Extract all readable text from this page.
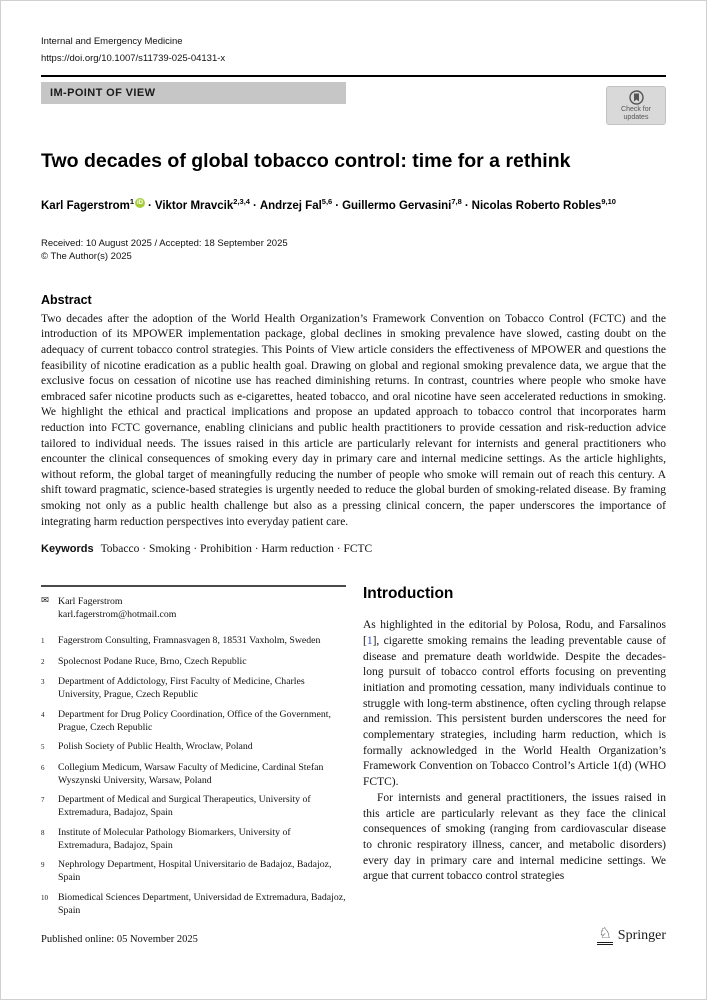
Internal and Emergency Medicine
https://doi.org/10.1007/s11739-025-04131-x
IM-POINT OF VIEW
Check for
updates
Two decades of global tobacco control: time for a rethink
Karl Fagerstrom$^1$ iD · Viktor Mravcik$^{2,3,4}$ · Andrzej Fal$^{5,6}$ · Guillermo Gervasini$^{7,8}$ · Nicolas Roberto Robles$^{9,10}$
Received: 10 August 2025 / Accepted: 18 September 2025
© The Author(s) 2025
Abstract

Two decades after the adoption of the World Health Organization’s Framework Convention on Tobacco Control (FCTC) and the introduction of its MPOWER implementation package, global declines in smoking prevalence have slowed, casting doubt on the adequacy of current tobacco control strategies. This Points of View article considers the effectiveness of MPOWER and questions the feasibility of nicotine eradication as a public health goal. Drawing on global and regional smoking prevalence data, we argue that the exclusive focus on cessation of nicotine use has reached diminishing returns. In contrast, countries where people who smoke have embraced safer nicotine products such as e-cigarettes, heated tobacco, and oral nicotine have seen accelerated reductions in smoking. We highlight the ethical and practical implications and propose an updated approach to tobacco control that incorporates harm reduction into FCTC governance, enabling clinicians and public health practitioners to provide cessation and risk-reduction advice tailored to individual needs. The issues raised in this article are particularly relevant for internists and general practitioners who encounter the clinical consequences of smoking every day in primary care and internal medicine settings. As the article highlights, without reform, the global target of meaningfully reducing the number of people who smoke will remain out of reach this century. A shift toward pragmatic, science-based strategies is urgently needed to reduce the global burden of smoking-related disease. By framing smoking not only as a public health challenge but also as a pressing clinical concern, the paper underscores the importance of integrating harm reduction perspectives into everyday patient care.

Keywords Tobacco · Smoking · Prohibition · Harm reduction · FCTC
✉ Karl Fagerstrom
karl.fagerstrom@hotmail.com
1	Fagerstrom Consulting, Framnasvagen 8, 18531 Vaxholm, Sweden
2	Spolecnost Podane Ruce, Brno, Czech Republic
3	Department of Addictology, First Faculty of Medicine, Charles University, Prague, Czech Republic
4	Department for Drug Policy Coordination, Office of the Government, Prague, Czech Republic
5	Polish Society of Public Health, Wroclaw, Poland
6	Collegium Medicum, Warsaw Faculty of Medicine, Cardinal Stefan Wyszynski University, Warsaw, Poland
7	Department of Medical and Surgical Therapeutics, University of Extremadura, Badajoz, Spain
8	Institute of Molecular Pathology Biomarkers, University of Extremadura, Badajoz, Spain
9	Nephrology Department, Hospital Universitario de Badajoz, Badajoz, Spain
10	Biomedical Sciences Department, Universidad de Extremadura, Badajoz, Spain
Introduction

As highlighted in the editorial by Polosa, Rodu, and Farsalinos [1], cigarette smoking remains the leading preventable cause of disease and premature death worldwide. Despite the decades-long pursuit of tobacco control efforts focusing on preventing initiation and promoting cessation, many individuals continue to struggle with long-term abstinence, often cycling through relapse and remission. This persistent burden underscores the need for complementary strategies, including harm reduction, which is formally acknowledged in the World Health Organization’s Framework Convention on Tobacco Control’s Article 1(d) (WHO FCTC).

For internists and general practitioners, the issues raised in this article are particularly relevant as they face the clinical consequences of smoking (ranging from cardiovascular disease to chronic respiratory illness, cancer, and metabolic disorders) every day in primary care and internal medicine settings. We argue that current tobacco control strategies

Published online: 05 November 2025	♘ Springer
